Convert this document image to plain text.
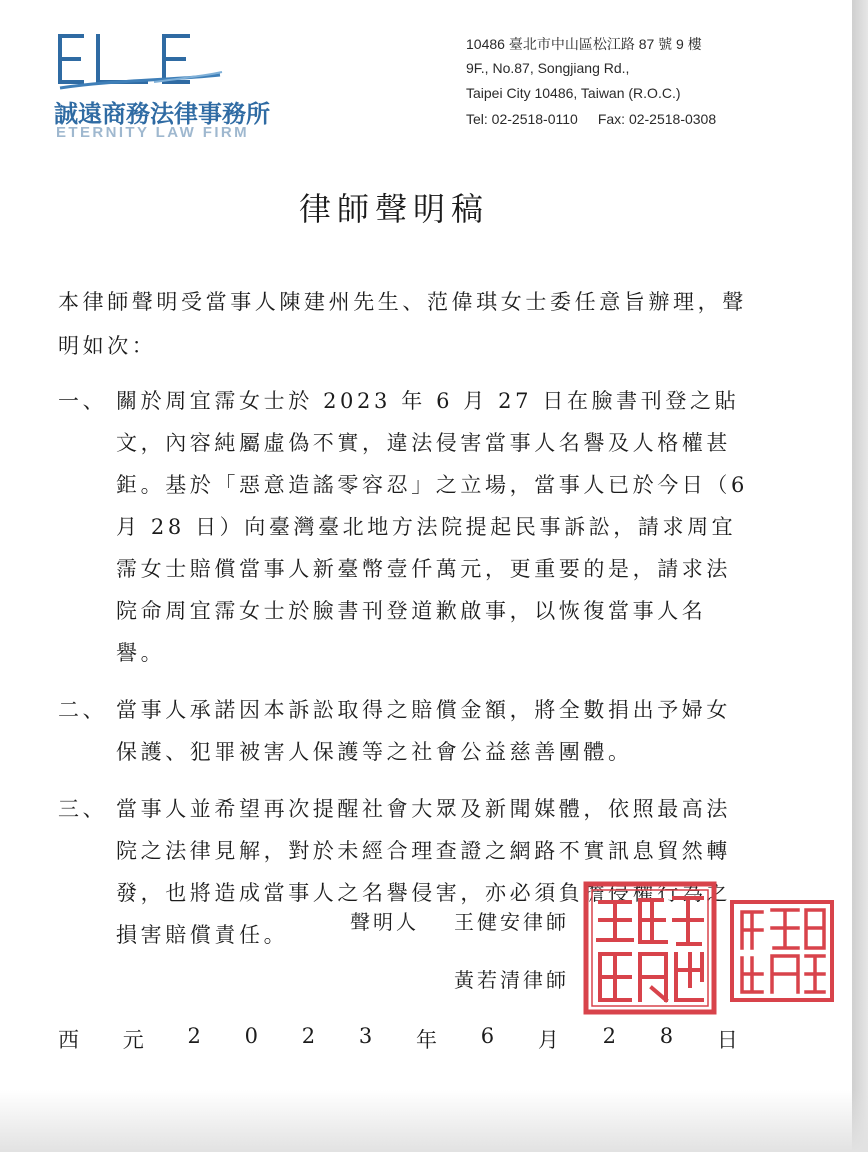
誠遠商務法律事務所
ETERNITY LAW FIRM
10486 臺北市中山區松江路 87 號 9 樓
9F., No.87, Songjiang Rd.,
Taipei City 10486, Taiwan (R.O.C.)
Tel: 02-2518-0110 Fax: 02-2518-0308
律師聲明稿
本律師聲明受當事人陳建州先生、范偉琪女士委任意旨辦理，聲明如次：
一、 關於周宜霈女士於 2023 年 6 月 27 日在臉書刊登之貼文，內容純屬虛偽不實，違法侵害當事人名譽及人格權甚鉅。基於「惡意造謠零容忍」之立場，當事人已於今日（6 月 28 日）向臺灣臺北地方法院提起民事訴訟，請求周宜霈女士賠償當事人新臺幣壹仟萬元，更重要的是，請求法院命周宜霈女士於臉書刊登道歉啟事，以恢復當事人名譽。
二、 當事人承諾因本訴訟取得之賠償金額，將全數捐出予婦女保護、犯罪被害人保護等之社會公益慈善團體。
三、 當事人並希望再次提醒社會大眾及新聞媒體，依照最高法院之法律見解，對於未經合理查證之網路不實訊息貿然轉發，也將造成當事人之名譽侵害，亦必須負擔侵權行為之損害賠償責任。
聲明人 王健安律師
黃若清律師
西 元 2 0 2 3 年 6 月 2 8 日
